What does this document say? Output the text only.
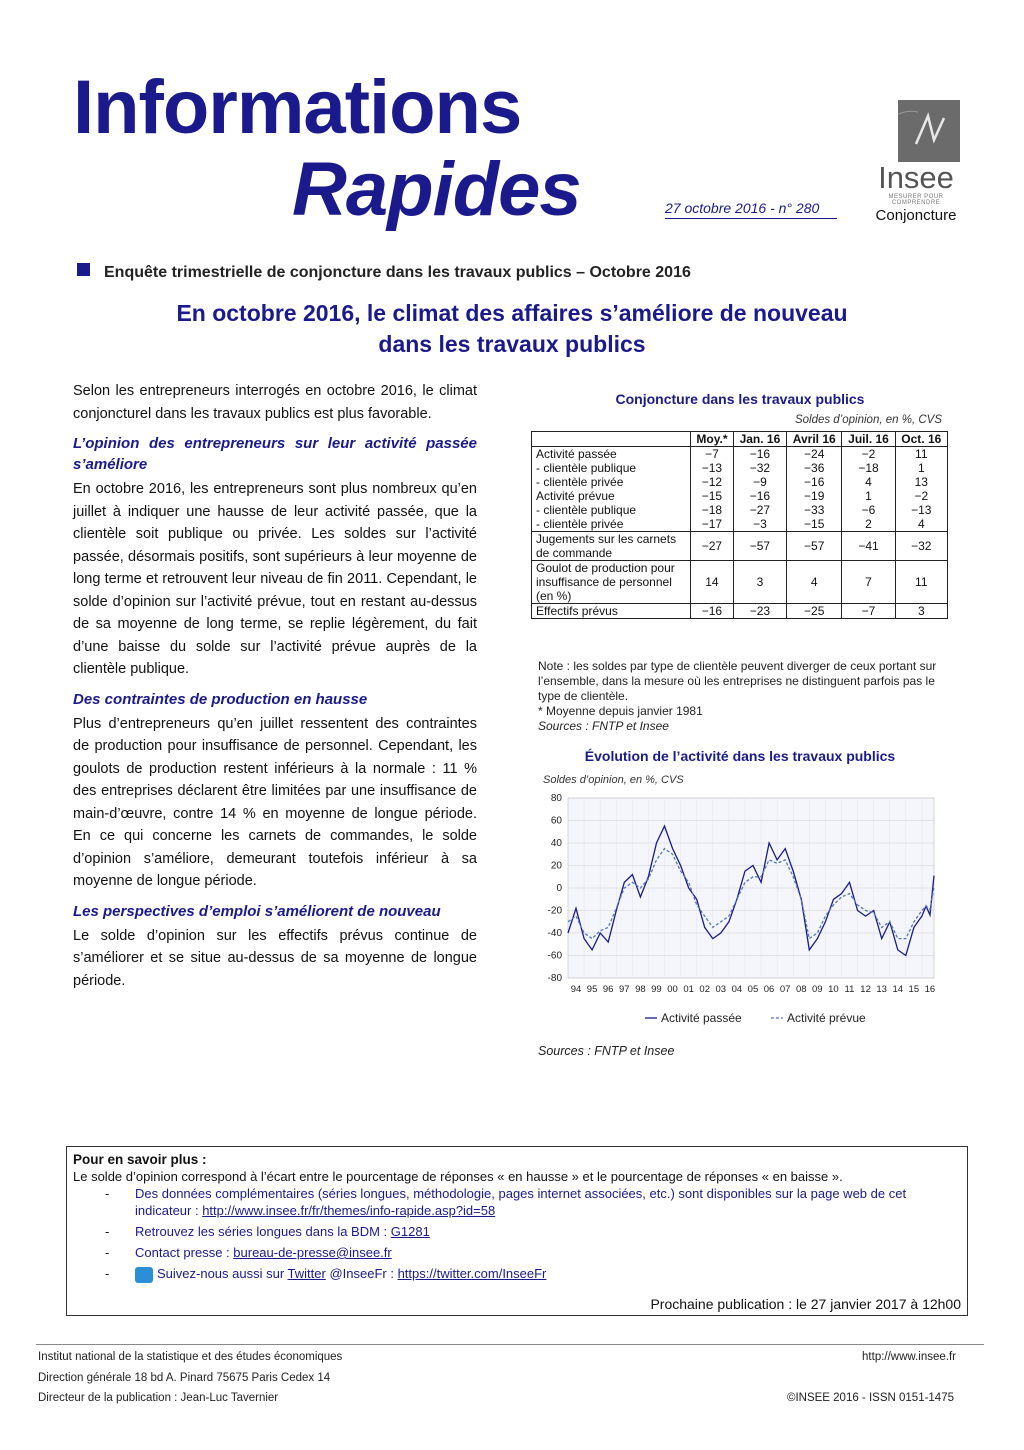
Informations
Rapides	27 octobre 2016 - n° 280
Insee
MESURER POUR COMPRENDRE
Conjoncture
Enquête trimestrielle de conjoncture dans les travaux publics – Octobre 2016
En octobre 2016, le climat des affaires s’améliore de nouveau
dans les travaux publics

Selon les entrepreneurs interrogés en octobre 2016, le climat conjoncturel dans les travaux publics est plus favorable.

L’opinion des entrepreneurs sur leur activité passée s’améliore

En octobre 2016, les entrepreneurs sont plus nombreux qu’en juillet à indiquer une hausse de leur activité passée, que la clientèle soit publique ou privée. Les soldes sur l’activité passée, désormais positifs, sont supérieurs à leur moyenne de long terme et retrouvent leur niveau de fin 2011. Cependant, le solde d’opinion sur l’activité prévue, tout en restant au-dessus de sa moyenne de long terme, se replie légèrement, du fait d’une baisse du solde sur l’activité prévue auprès de la clientèle publique.

Des contraintes de production en hausse

Plus d’entrepreneurs qu’en juillet ressentent des contraintes de production pour insuffisance de personnel. Cependant, les goulots de production restent inférieurs à la normale : 11 % des entreprises déclarent être limitées par une insuffisance de main-d’œuvre, contre 14 % en moyenne de longue période. En ce qui concerne les carnets de commandes, le solde d’opinion s’améliore, demeurant toutefois inférieur à sa moyenne de longue période.

Les perspectives d’emploi s’améliorent de nouveau

Le solde d’opinion sur les effectifs prévus continue de s’améliorer et se situe au-dessus de sa moyenne de longue période.

Conjoncture dans les travaux publics
Soldes d’opinion, en %, CVS
	Moy.*	Jan. 16	Avril 16	Juil. 16	Oct. 16
Activité passée	−7	−16	−24	−2	11
- clientèle publique	−13	−32	−36	−18	1
- clientèle privée	−12	−9	−16	4	13
Activité prévue	−15	−16	−19	1	−2
- clientèle publique	−18	−27	−33	−6	−13
- clientèle privée	−17	−3	−15	2	4
Jugements sur les carnets de commande	−27	−57	−57	−41	−32
Goulot de production pour insuffisance de personnel (en %)	14	3	4	7	11
Effectifs prévus	−16	−23	−25	−7	3
Note : les soldes par type de clientèle peuvent diverger de ceux portant sur l’ensemble, dans la mesure où les entreprises ne distinguent parfois pas le type de clientèle.
* Moyenne depuis janvier 1981
Sources : FNTP et Insee
Évolution de l’activité dans les travaux publics
Soldes d’opinion, en %, CVS
80
60
40
20
0
-20
-40
-60
-80
94 95 96 97 98 99 00 01 02 03 04 05 06 07 08 09 10 11 12 13 14 15 16
Activité passée	Activité prévue
Sources : FNTP et Insee
Pour en savoir plus :
Le solde d’opinion correspond à l’écart entre le pourcentage de réponses « en hausse » et le pourcentage de réponses « en baisse ».
- Des données complémentaires (séries longues, méthodologie, pages internet associées, etc.) sont disponibles sur la page web de cet indicateur : http://www.insee.fr/fr/themes/info-rapide.asp?id=58
- Retrouvez les séries longues dans la BDM : G1281
- Contact presse : bureau-de-presse@insee.fr
-	Suivez-nous aussi sur Twitter @InseeFr : https://twitter.com/InseeFr
Prochaine publication : le 27 janvier 2017 à 12h00
Institut national de la statistique et des études économiques
Direction générale 18 bd A. Pinard 75675 Paris Cedex 14
Directeur de la publication : Jean-Luc Tavernier
http://www.insee.fr
©INSEE 2016 - ISSN 0151-1475
